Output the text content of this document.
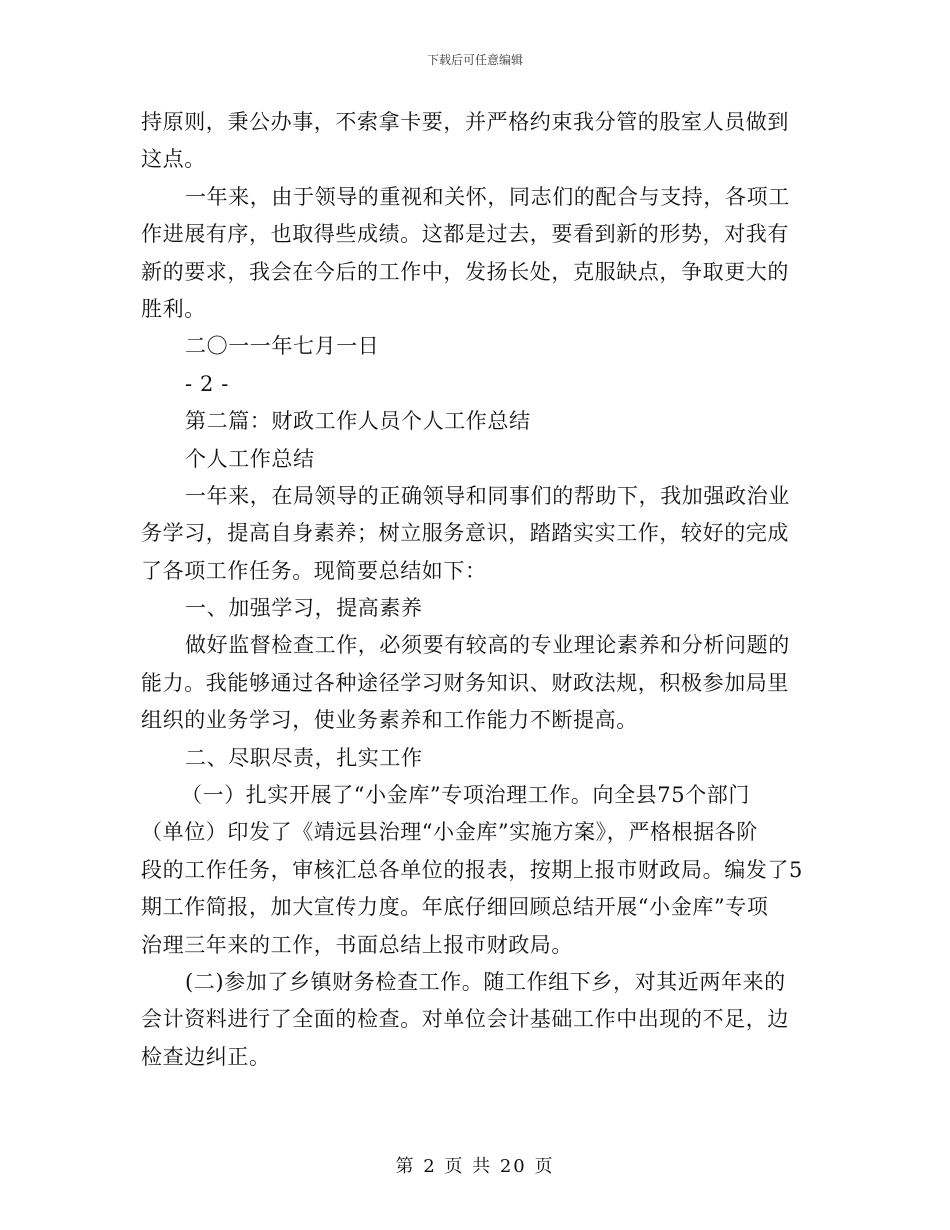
下载后可任意编辑
持原则，秉公办事，不索拿卡要，并严格约束我分管的股室人员做到
这点。
一年来，由于领导的重视和关怀，同志们的配合与支持，各项工
作进展有序，也取得些成绩。这都是过去，要看到新的形势，对我有
新的要求，我会在今后的工作中，发扬长处，克服缺点，争取更大的
胜利。
二〇一一年七月一日
- 2 -
第二篇：财政工作人员个人工作总结
个人工作总结
一年来，在局领导的正确领导和同事们的帮助下，我加强政治业
务学习，提高自身素养；树立服务意识，踏踏实实工作，较好的完成
了各项工作任务。现简要总结如下：
一、加强学习，提高素养
做好监督检查工作，必须要有较高的专业理论素养和分析问题的
能力。我能够通过各种途径学习财务知识、财政法规，积极参加局里
组织的业务学习，使业务素养和工作能力不断提高。
二、尽职尽责，扎实工作
（一）扎实开展了“小金库”专项治理工作。向全县75个部门
（单位）印发了《靖远县治理“小金库”实施方案》，严格根据各阶
段的工作任务，审核汇总各单位的报表，按期上报市财政局。编发了5
期工作简报，加大宣传力度。年底仔细回顾总结开展“小金库”专项
治理三年来的工作，书面总结上报市财政局。
(二)参加了乡镇财务检查工作。随工作组下乡，对其近两年来的
会计资料进行了全面的检查。对单位会计基础工作中出现的不足，边
检查边纠正。
第 2 页 共 20 页
